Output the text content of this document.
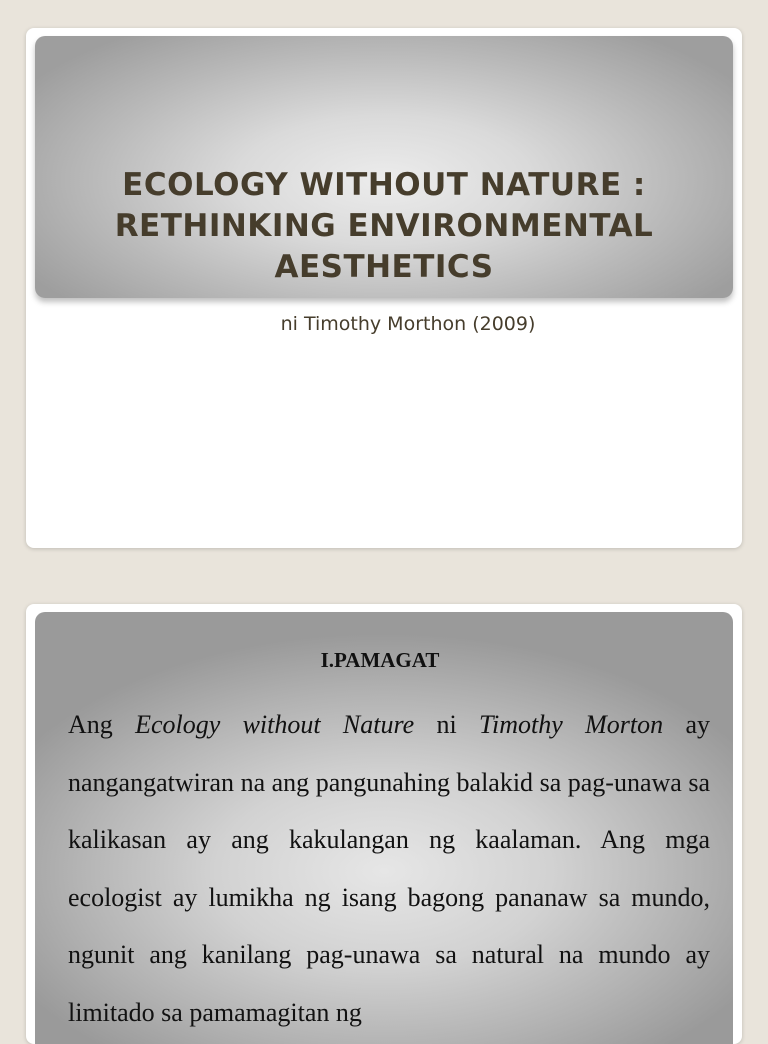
ECOLOGY WITHOUT NATURE : RETHINKING ENVIRONMENTAL AESTHETICS
ni Timothy Morthon (2009)
I.PAMAGAT

Ang Ecology without Nature ni Timothy Morton ay nangangatwiran na ang pangunahing balakid sa pag-unawa sa kalikasan ay ang kakulangan ng kaalaman. Ang mga ecologist ay lumikha ng isang bagong pananaw sa mundo, ngunit ang kanilang pag-unawa sa natural na mundo ay limitado sa pamamagitan ng
